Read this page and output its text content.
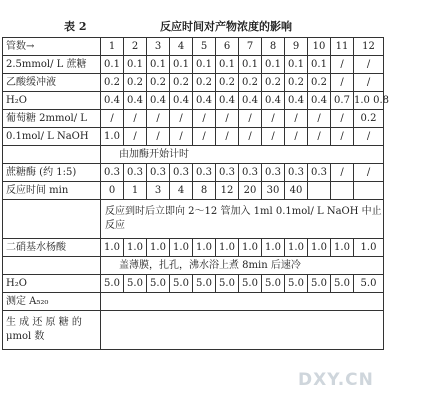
表 2	反应时间对产物浓度的影响
管数→	1	2	3	4	5	6	7	8	9	10	11	12
2.5mmol/ L 蔗糖	0.1	0.1	0.1	0.1	0.1	0.1	0.1	0.1	0.1	0.1	/	/
乙酸缓冲液	0.2	0.2	0.2	0.2	0.2	0.2	0.2	0.2	0.2	0.2	/	/
H₂O	0.4	0.4	0.4	0.4	0.4	0.4	0.4	0.4	0.4	0.4	0.7	1.0 0.8
葡萄糖 2mmol/ L	/	/	/	/	/	/	/	/	/	/	/	0.2
0.1mol/ L NaOH	1.0	/	/	/	/	/	/	/	/	/	/	/
	由加酶开始计时											
蔗糖酶 (约 1:5)	0.3	0.3	0.3	0.3	0.3	0.3	0.3	0.3	0.3	0.3	/	/
反应时间 min	0	1	3	4	8	12	20	30	40			
	反应到时后立即向 2～12 管加入 1ml 0.1mol/ L NaOH 中止反应											
二硝基水杨酸	1.0	1.0	1.0	1.0	1.0	1.0	1.0	1.0	1.0	1.0	1.0	1.0
	盖薄膜，扎孔，沸水浴上煮 8min 后速冷											
H₂O	5.0	5.0	5.0	5.0	5.0	5.0	5.0	5.0	5.0	5.0	5.0	5.0
测定 A₅₂₀												
生 成 还 原 糖 的 μmol 数												
DXY.CN
